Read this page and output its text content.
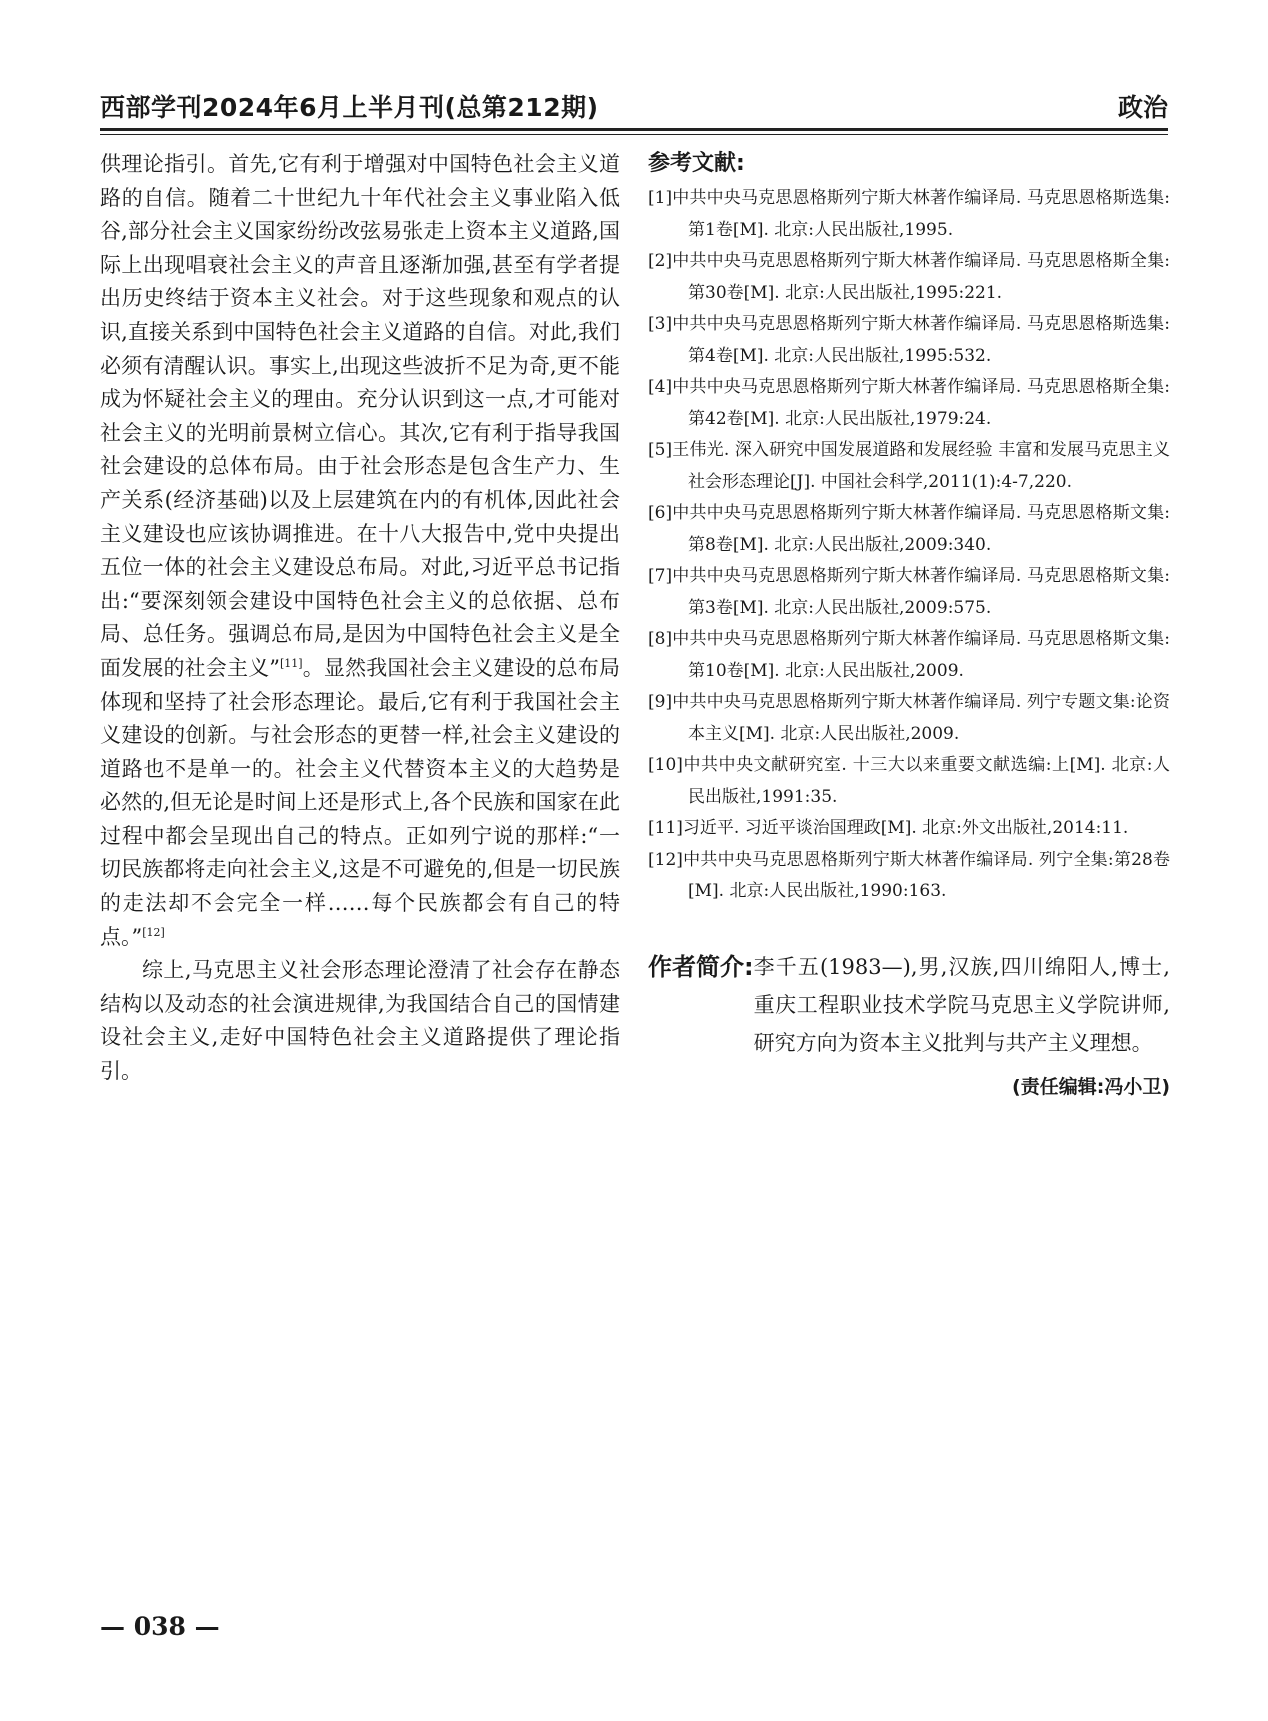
西部学刊2024年6月上半月刊(总第212期)	政治

供理论指引。首先,它有利于增强对中国特色社会主义道路的自信。随着二十世纪九十年代社会主义事业陷入低谷,部分社会主义国家纷纷改弦易张走上资本主义道路,国际上出现唱衰社会主义的声音且逐渐加强,甚至有学者提出历史终结于资本主义社会。对于这些现象和观点的认识,直接关系到中国特色社会主义道路的自信。对此,我们必须有清醒认识。事实上,出现这些波折不足为奇,更不能成为怀疑社会主义的理由。充分认识到这一点,才可能对社会主义的光明前景树立信心。其次,它有利于指导我国社会建设的总体布局。由于社会形态是包含生产力、生产关系(经济基础)以及上层建筑在内的有机体,因此社会主义建设也应该协调推进。在十八大报告中,党中央提出五位一体的社会主义建设总布局。对此,习近平总书记指出:“要深刻领会建设中国特色社会主义的总依据、总布局、总任务。强调总布局,是因为中国特色社会主义是全面发展的社会主义”[11]。显然我国社会主义建设的总布局体现和坚持了社会形态理论。最后,它有利于我国社会主义建设的创新。与社会形态的更替一样,社会主义建设的道路也不是单一的。社会主义代替资本主义的大趋势是必然的,但无论是时间上还是形式上,各个民族和国家在此过程中都会呈现出自己的特点。正如列宁说的那样:“一切民族都将走向社会主义,这是不可避免的,但是一切民族的走法却不会完全一样……每个民族都会有自己的特点。”[12]

综上,马克思主义社会形态理论澄清了社会存在静态结构以及动态的社会演进规律,为我国结合自己的国情建设社会主义,走好中国特色社会主义道路提供了理论指引。

参考文献:
[1]中共中央马克思恩格斯列宁斯大林著作编译局. 马克思恩格斯选集:第1卷[M]. 北京:人民出版社,1995.
[2]中共中央马克思恩格斯列宁斯大林著作编译局. 马克思恩格斯全集:第30卷[M]. 北京:人民出版社,1995:221.
[3]中共中央马克思恩格斯列宁斯大林著作编译局. 马克思恩格斯选集:第4卷[M]. 北京:人民出版社,1995:532.
[4]中共中央马克思恩格斯列宁斯大林著作编译局. 马克思恩格斯全集:第42卷[M]. 北京:人民出版社,1979:24.
[5]王伟光. 深入研究中国发展道路和发展经验 丰富和发展马克思主义社会形态理论[J]. 中国社会科学,2011(1):4-7,220.
[6]中共中央马克思恩格斯列宁斯大林著作编译局. 马克思恩格斯文集:第8卷[M]. 北京:人民出版社,2009:340.
[7]中共中央马克思恩格斯列宁斯大林著作编译局. 马克思恩格斯文集:第3卷[M]. 北京:人民出版社,2009:575.
[8]中共中央马克思恩格斯列宁斯大林著作编译局. 马克思恩格斯文集:第10卷[M]. 北京:人民出版社,2009.
[9]中共中央马克思恩格斯列宁斯大林著作编译局. 列宁专题文集:论资本主义[M]. 北京:人民出版社,2009.
[10]中共中央文献研究室. 十三大以来重要文献选编:上[M]. 北京:人民出版社,1991:35.
[11]习近平. 习近平谈治国理政[M]. 北京:外文出版社,2014:11.
[12]中共中央马克思恩格斯列宁斯大林著作编译局. 列宁全集:第28卷[M]. 北京:人民出版社,1990:163.
作者简介: 李千五(1983—),男,汉族,四川绵阳人,博士,重庆工程职业技术学院马克思主义学院讲师,研究方向为资本主义批判与共产主义理想。
(责任编辑:冯小卫)
— 038 —
